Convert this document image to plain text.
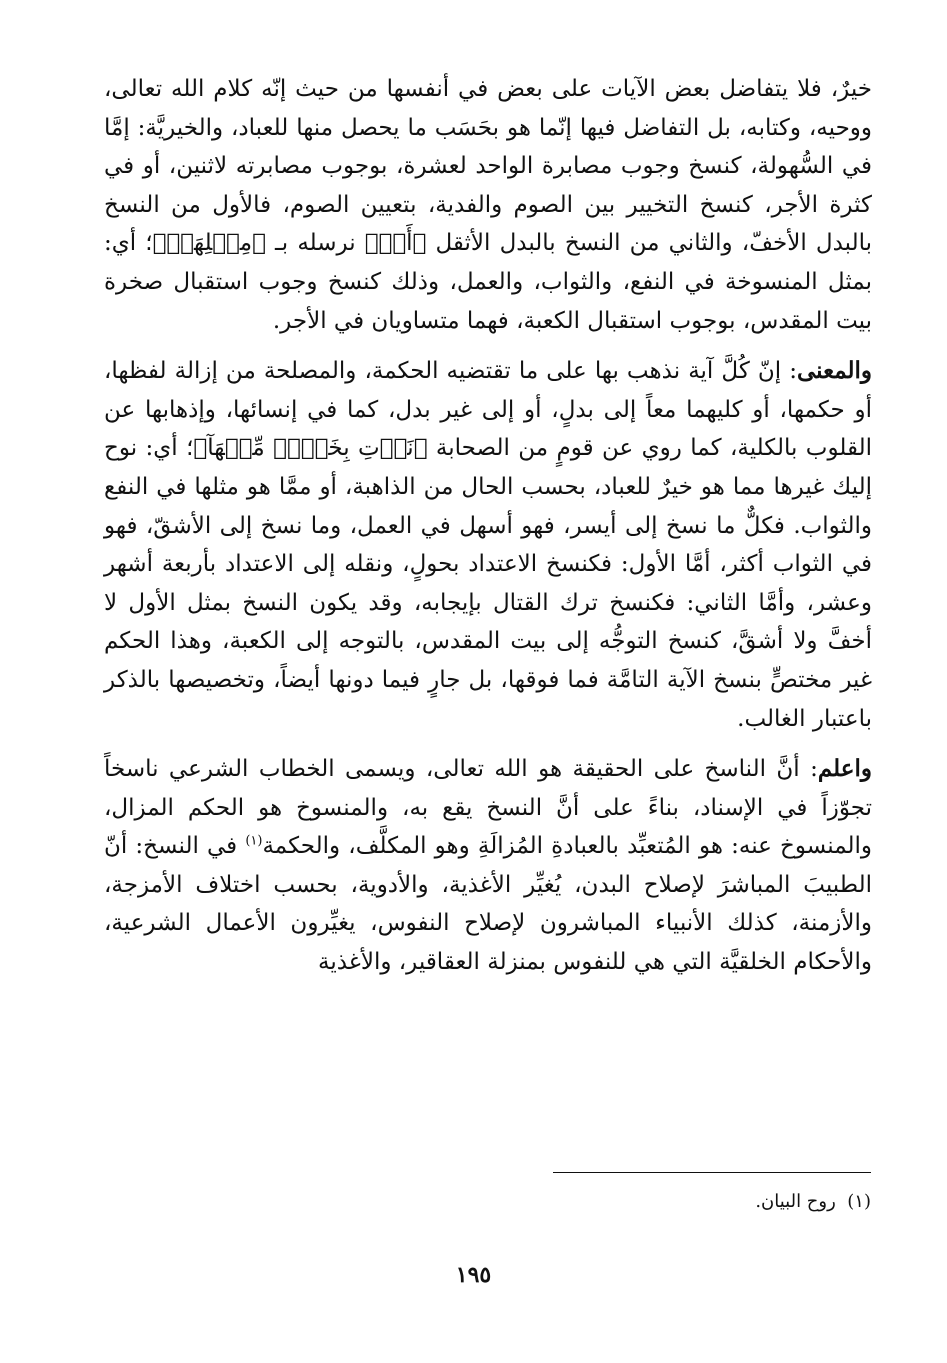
خيرٌ، فلا يتفاضل بعض الآيات على بعض في أنفسها من حيث إنّه كلام الله تعالى، ووحيه، وكتابه، بل التفاضل فيها إنّما هو بحَسَب ما يحصل منها للعباد، والخيريَّة: إمَّا في السُّهولة، كنسخ وجوب مصابرة الواحد لعشرة، بوجوب مصابرته لاثنين، أو في كثرة الأجر، كنسخ التخيير بين الصوم والفدية، بتعيين الصوم، فالأول من النسخ بالبدل الأخفّ، والثاني من النسخ بالبدل الأثقل ﴿أَوۡ﴾ نرسله بـ ﴿مِثۡلِهَآۗ﴾؛ أي: بمثل المنسوخة في النفع، والثواب، والعمل، وذلك كنسخ وجوب استقبال صخرة بيت المقدس، بوجوب استقبال الكعبة، فهما متساويان في الأجر.

والمعنى: إنّ كُلَّ آية نذهب بها على ما تقتضيه الحكمة، والمصلحة من إزالة لفظها، أو حكمها، أو كليهما معاً إلى بدلٍ، أو إلى غير بدل، كما في إنسائها، وإذهابها عن القلوب بالكلية، كما روي عن قومٍ من الصحابة ﴿نَأۡتِ بِخَيۡرٖ مِّنۡهَآ﴾؛ أي: نوح إليك غيرها مما هو خيرٌ للعباد، بحسب الحال من الذاهبة، أو ممَّا هو مثلها في النفع والثواب. فكلٌّ ما نسخ إلى أيسر، فهو أسهل في العمل، وما نسخ إلى الأشقّ، فهو في الثواب أكثر، أمَّا الأول: فكنسخ الاعتداد بحولٍ، ونقله إلى الاعتداد بأربعة أشهر وعشر، وأمَّا الثاني: فكنسخ ترك القتال بإيجابه، وقد يكون النسخ بمثل الأول لا أخفَّ ولا أشقَّ، كنسخ التوجُّه إلى بيت المقدس، بالتوجه إلى الكعبة، وهذا الحكم غير مختصٍّ بنسخ الآية التامَّة فما فوقها، بل جارٍ فيما دونها أيضاً، وتخصيصها بالذكر باعتبار الغالب.

واعلم: أنَّ الناسخ على الحقيقة هو الله تعالى، ويسمى الخطاب الشرعي ناسخاً تجوّزاً في الإسناد، بناءً على أنَّ النسخ يقع به، والمنسوخ هو الحكم المزال، والمنسوخ عنه: هو المُتعبِّد بالعبادةِ المُزالَةِ وهو المكلَّف، والحكمة$^{(١)}$ في النسخ: أنّ الطبيبَ المباشرَ لإصلاح البدن، يُغيِّر الأغذية، والأدوية، بحسب اختلاف الأمزجة، والأزمنة، كذلك الأنبياء المباشرون لإصلاح النفوس، يغيِّرون الأعمال الشرعية، والأحكام الخلقيَّة التي هي للنفوس بمنزلة العقاقير، والأغذية

(١)  روح البيان.
١٩٥
